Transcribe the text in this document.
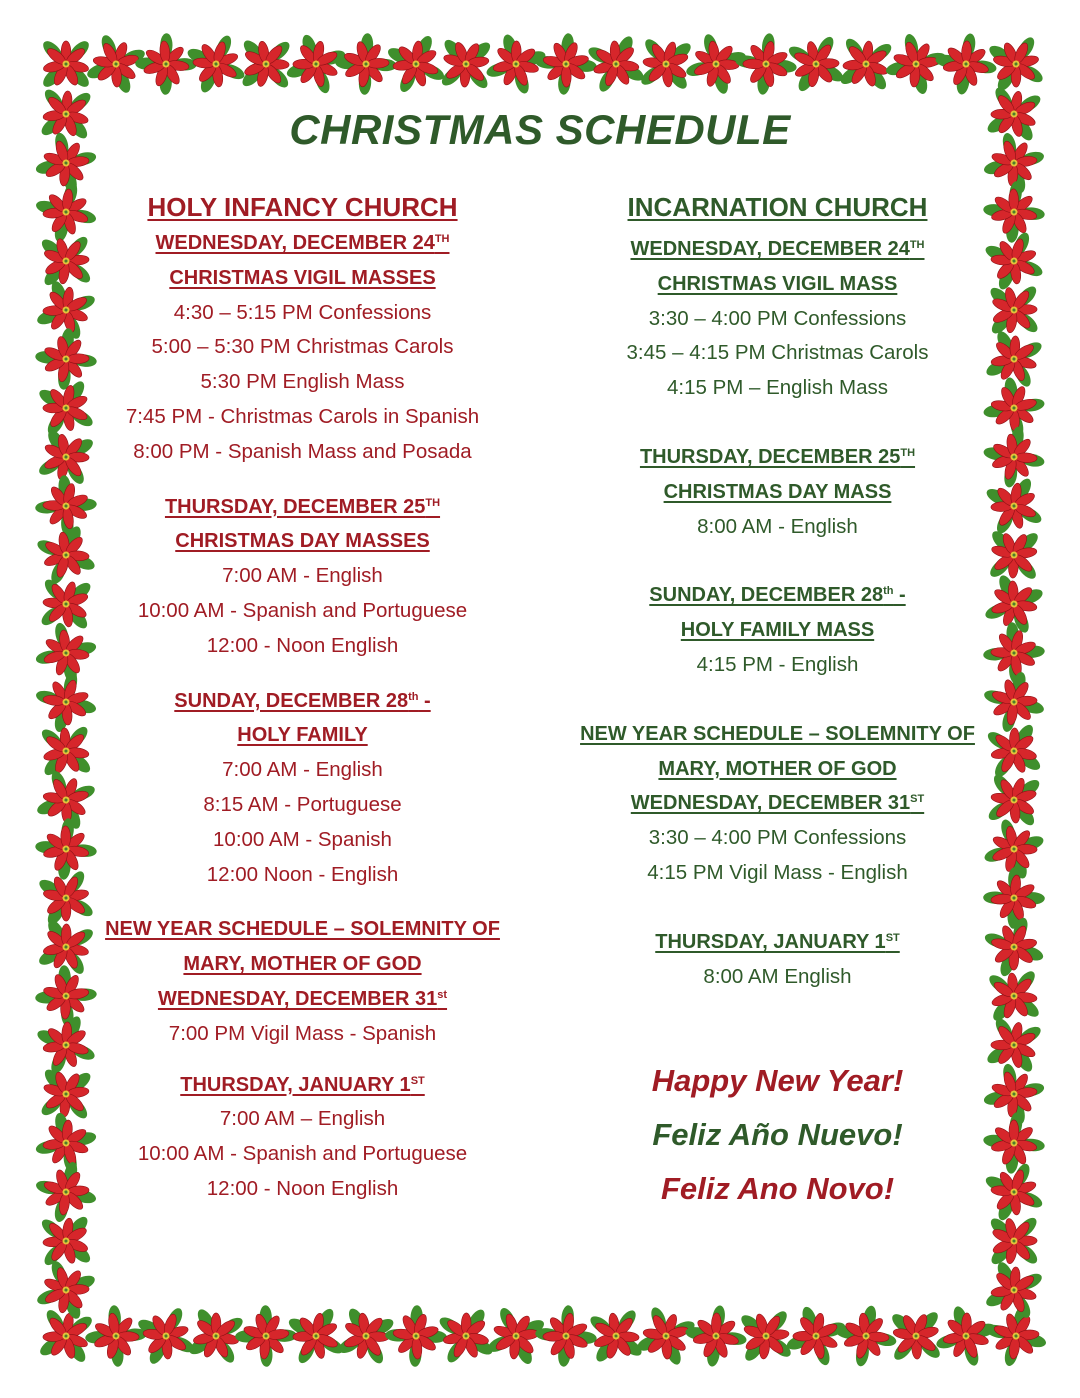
CHRISTMAS SCHEDULE
HOLY INFANCY CHURCH
WEDNESDAY, DECEMBER 24TH
CHRISTMAS VIGIL MASSES
4:30 – 5:15 PM Confessions
5:00 – 5:30 PM Christmas Carols
5:30 PM English Mass
7:45 PM - Christmas Carols in Spanish
8:00 PM - Spanish Mass and Posada
THURSDAY, DECEMBER 25TH
CHRISTMAS DAY MASSES
7:00 AM - English
10:00 AM - Spanish and Portuguese
12:00 - Noon English
SUNDAY, DECEMBER 28th -
HOLY FAMILY
7:00 AM - English
8:15 AM - Portuguese
10:00 AM - Spanish
12:00 Noon - English
NEW YEAR SCHEDULE – SOLEMNITY OF
MARY, MOTHER OF GOD
WEDNESDAY, DECEMBER 31st
7:00 PM Vigil Mass - Spanish
THURSDAY, JANUARY 1ST
7:00 AM – English
10:00 AM - Spanish and Portuguese
12:00 - Noon English
INCARNATION CHURCH
WEDNESDAY, DECEMBER 24TH
CHRISTMAS VIGIL MASS
3:30 – 4:00 PM Confessions
3:45 – 4:15 PM Christmas Carols
4:15 PM – English Mass
THURSDAY, DECEMBER 25TH
CHRISTMAS DAY MASS
8:00 AM - English
SUNDAY, DECEMBER 28th -
HOLY FAMILY MASS
4:15 PM - English
NEW YEAR SCHEDULE – SOLEMNITY OF
MARY, MOTHER OF GOD
WEDNESDAY, DECEMBER 31ST
3:30 – 4:00 PM Confessions
4:15 PM Vigil Mass - English
THURSDAY, JANUARY 1ST
8:00 AM English
Happy New Year!
Feliz Año Nuevo!
Feliz Ano Novo!
